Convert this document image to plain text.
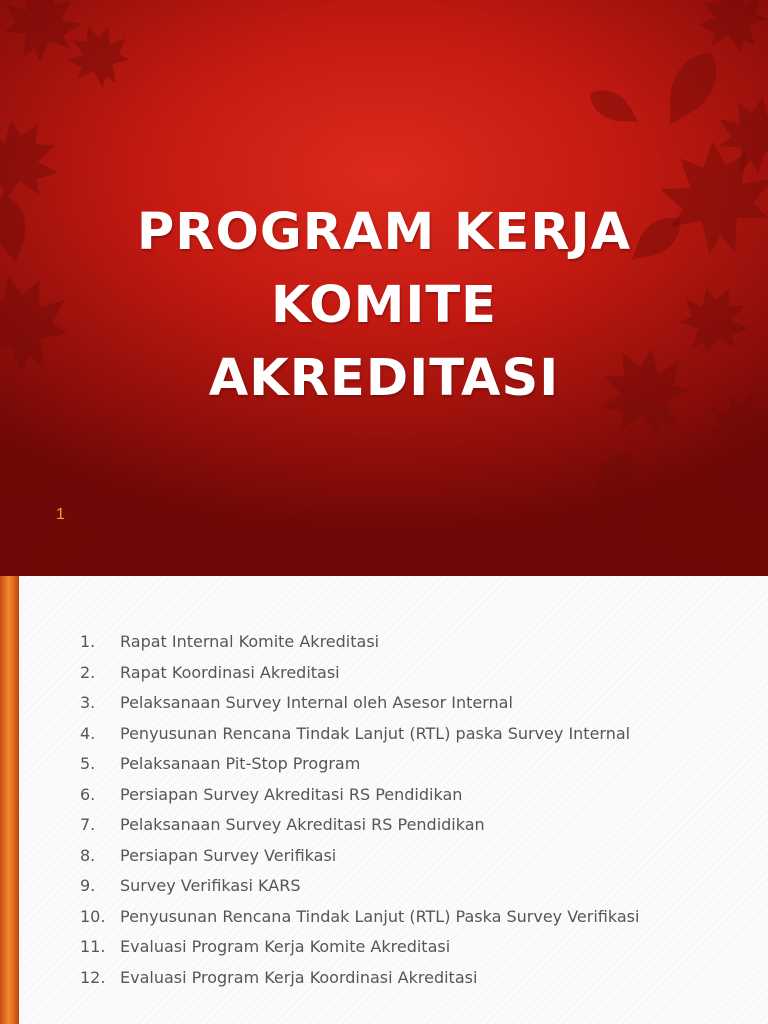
PROGRAM KERJA
KOMITE
AKREDITASI
1
1.	Rapat Internal Komite Akreditasi
2.	Rapat Koordinasi Akreditasi
3.	Pelaksanaan Survey Internal oleh Asesor Internal
4.	Penyusunan Rencana Tindak Lanjut (RTL) paska Survey Internal
5.	Pelaksanaan Pit-Stop Program
6.	Persiapan Survey Akreditasi RS Pendidikan
7.	Pelaksanaan Survey Akreditasi RS Pendidikan
8.	Persiapan Survey Verifikasi
9.	Survey Verifikasi KARS
10. Penyusunan Rencana Tindak Lanjut (RTL) Paska Survey Verifikasi
11. Evaluasi Program Kerja Komite Akreditasi
12. Evaluasi Program Kerja Koordinasi Akreditasi
